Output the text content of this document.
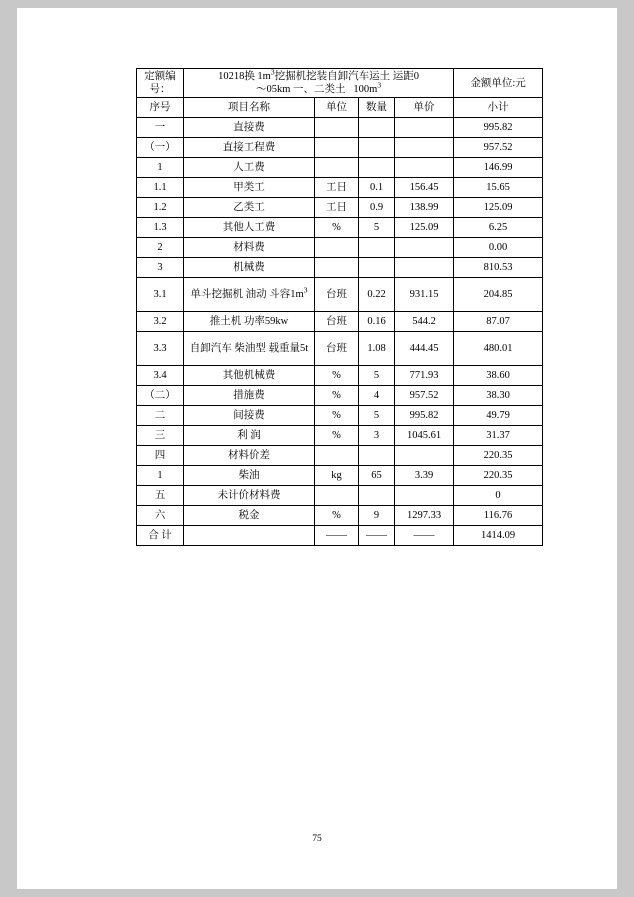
定额编号：	10218换 $1m^3$挖掘机挖装自卸汽车运土 运距0
～05km 一、二类土   $100m^3$				金额单位:元
序号	项目名称	单位	数量	单价	小计
一	直接费				995.82
（一）	直接工程费				957.52
1	人工费				146.99
1.1	甲类工	工日	0.1	156.45	15.65
1.2	乙类工	工日	0.9	138.99	125.09
1.3	其他人工费	%	5	125.09	6.25
2	材料费				0.00
3	机械费				810.53
3.1	单斗挖掘机 油动 斗容$1m^3$	台班	0.22	931.15	204.85
3.2	推土机 功率59kw	台班	0.16	544.2	87.07
3.3	自卸汽车 柴油型 载重量5t	台班	1.08	444.45	480.01
3.4	其他机械费	%	5	771.93	38.60
（二）	措施费	%	4	957.52	38.30
二	间接费	%	5	995.82	49.79
三	利 润	%	3	1045.61	31.37
四	材料价差				220.35
1	柴油	kg	65	3.39	220.35
五	未计价材料费				0
六	税金	%	9	1297.33	116.76
合 计		——	——	——	1414.09
75
